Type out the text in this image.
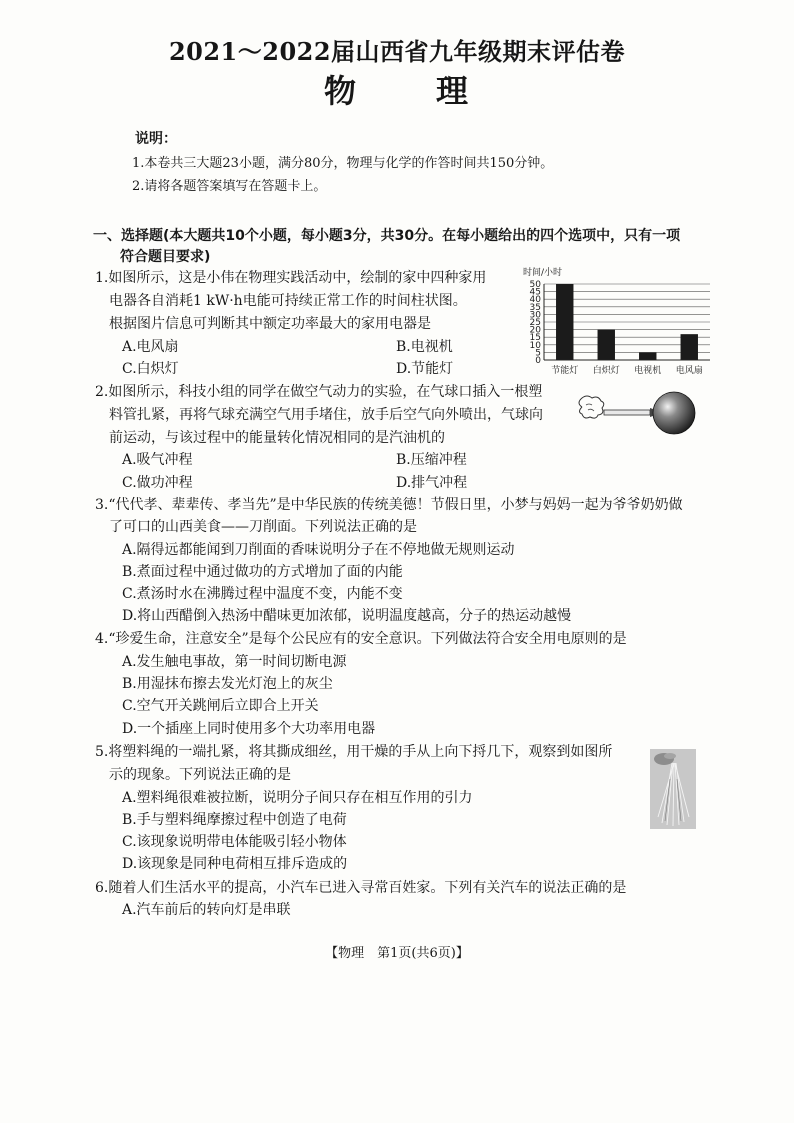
2021～2022届山西省九年级期末评估卷
物 理
说明：
1.本卷共三大题23小题，满分80分，物理与化学的作答时间共150分钟。
2.请将各题答案填写在答题卡上。
一、选择题(本大题共10个小题，每小题3分，共30分。在每小题给出的四个选项中，只有一项
符合题目要求)
1.如图所示，这是小伟在物理实践活动中，绘制的家中四种家用
电器各自消耗1 kW·h电能可持续正常工作的时间柱状图。
根据图片信息可判断其中额定功率最大的家用电器是
A.电风扇	B.电视机
C.白炽灯	D.节能灯
时间/小时
0
5
10
15
20
25
30
35
40
45
50
节能灯 白炽灯 电视机 电风扇
2.如图所示，科技小组的同学在做空气动力的实验，在气球口插入一根塑
料管扎紧，再将气球充满空气用手堵住，放手后空气向外喷出，气球向
前运动，与该过程中的能量转化情况相同的是汽油机的
A.吸气冲程	B.压缩冲程
C.做功冲程	D.排气冲程
3.“代代孝、辈辈传、孝当先”是中华民族的传统美德！节假日里，小梦与妈妈一起为爷爷奶奶做
了可口的山西美食——刀削面。下列说法正确的是
A.隔得远都能闻到刀削面的香味说明分子在不停地做无规则运动
B.煮面过程中通过做功的方式增加了面的内能
C.煮汤时水在沸腾过程中温度不变，内能不变
D.将山西醋倒入热汤中醋味更加浓郁，说明温度越高，分子的热运动越慢
4.“珍爱生命，注意安全”是每个公民应有的安全意识。下列做法符合安全用电原则的是
A.发生触电事故，第一时间切断电源
B.用湿抹布擦去发光灯泡上的灰尘
C.空气开关跳闸后立即合上开关
D.一个插座上同时使用多个大功率用电器
5.将塑料绳的一端扎紧，将其撕成细丝，用干燥的手从上向下捋几下，观察到如图所
示的现象。下列说法正确的是
A.塑料绳很难被拉断，说明分子间只存在相互作用的引力
B.手与塑料绳摩擦过程中创造了电荷
C.该现象说明带电体能吸引轻小物体
D.该现象是同种电荷相互排斥造成的
6.随着人们生活水平的提高，小汽车已进入寻常百姓家。下列有关汽车的说法正确的是
A.汽车前后的转向灯是串联
【物理　第1页(共6页)】
